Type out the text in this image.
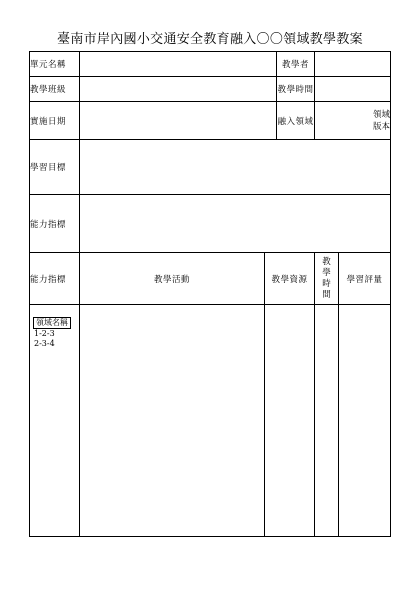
臺南市岸內國小交通安全教育融入〇〇領域教學教案
單元名稱			教學者		
教學班級			教學時間		
實施日期			融入領域	領域
版本	

學習目標					
能力指標					
能力指標	教學活動	教學資源		教
學
時
間	學習評量
領域名稱
1-2-3
2-3-4					
